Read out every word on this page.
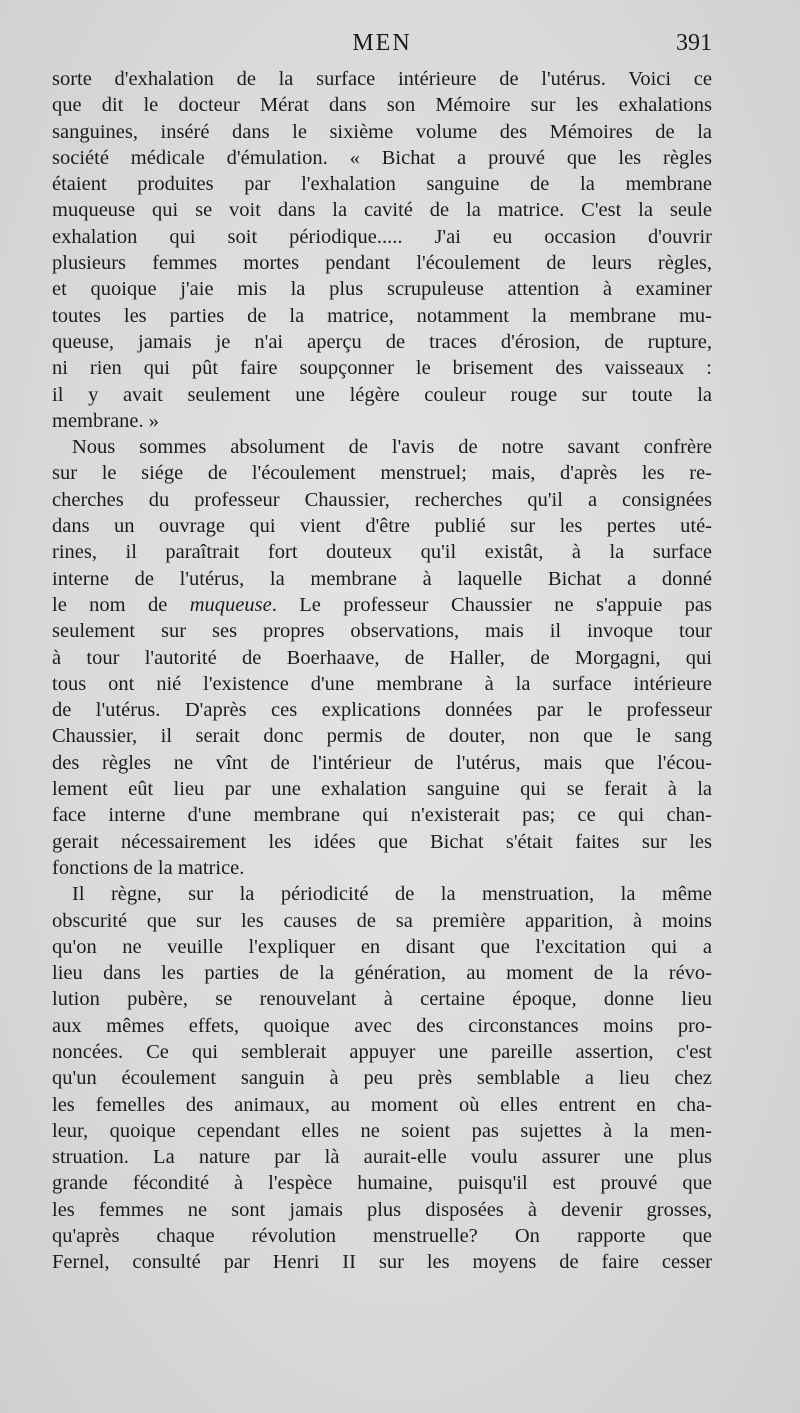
MEN	391
sorte d'exhalation de la surface intérieure de l'utérus. Voici ce
que dit le docteur Mérat dans son Mémoire sur les exhalations
sanguines, inséré dans le sixième volume des Mémoires de la
société médicale d'émulation. « Bichat a prouvé que les règles
étaient produites par l'exhalation sanguine de la membrane
muqueuse qui se voit dans la cavité de la matrice. C'est la seule
exhalation qui soit périodique..... J'ai eu occasion d'ouvrir
plusieurs femmes mortes pendant l'écoulement de leurs règles,
et quoique j'aie mis la plus scrupuleuse attention à examiner
toutes les parties de la matrice, notamment la membrane mu-
queuse, jamais je n'ai aperçu de traces d'érosion, de rupture,
ni rien qui pût faire soupçonner le brisement des vaisseaux :
il y avait seulement une légère couleur rouge sur toute la
membrane. »
Nous sommes absolument de l'avis de notre savant confrère
sur le siége de l'écoulement menstruel; mais, d'après les re-
cherches du professeur Chaussier, recherches qu'il a consignées
dans un ouvrage qui vient d'être publié sur les pertes uté-
rines, il paraîtrait fort douteux qu'il existât, à la surface
interne de l'utérus, la membrane à laquelle Bichat a donné
le nom de muqueuse. Le professeur Chaussier ne s'appuie pas
seulement sur ses propres observations, mais il invoque tour
à tour l'autorité de Boerhaave, de Haller, de Morgagni, qui
tous ont nié l'existence d'une membrane à la surface intérieure
de l'utérus. D'après ces explications données par le professeur
Chaussier, il serait donc permis de douter, non que le sang
des règles ne vînt de l'intérieur de l'utérus, mais que l'écou-
lement eût lieu par une exhalation sanguine qui se ferait à la
face interne d'une membrane qui n'existerait pas; ce qui chan-
gerait nécessairement les idées que Bichat s'était faites sur les
fonctions de la matrice.
Il règne, sur la périodicité de la menstruation, la même
obscurité que sur les causes de sa première apparition, à moins
qu'on ne veuille l'expliquer en disant que l'excitation qui a
lieu dans les parties de la génération, au moment de la révo-
lution pubère, se renouvelant à certaine époque, donne lieu
aux mêmes effets, quoique avec des circonstances moins pro-
noncées. Ce qui semblerait appuyer une pareille assertion, c'est
qu'un écoulement sanguin à peu près semblable a lieu chez
les femelles des animaux, au moment où elles entrent en cha-
leur, quoique cependant elles ne soient pas sujettes à la men-
struation. La nature par là aurait-elle voulu assurer une plus
grande fécondité à l'espèce humaine, puisqu'il est prouvé que
les femmes ne sont jamais plus disposées à devenir grosses,
qu'après chaque révolution menstruelle? On rapporte que
Fernel, consulté par Henri II sur les moyens de faire cesser
